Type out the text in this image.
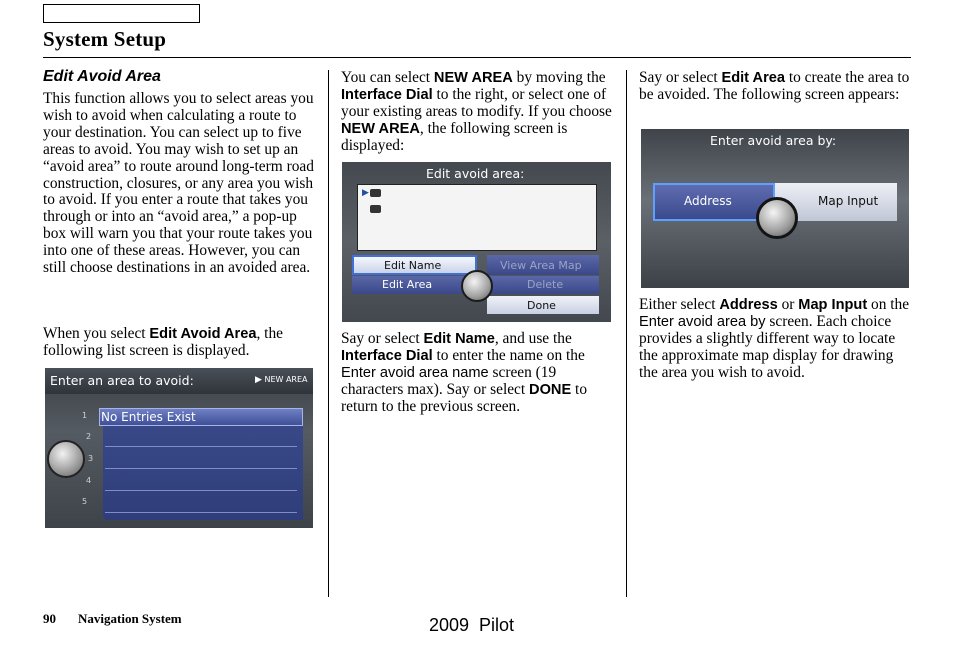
System Setup
Edit Avoid Area

This function allows you to select areas you wish to avoid when calculating a route to your destination. You can select up to five areas to avoid. You may wish to set up an “avoid area” to route around long-term road construction, closures, or any area you wish to avoid. If you enter a route that takes you through or into an “avoid area,” a pop-up box will warn you that your route takes you into one of these areas. However, you can still choose destinations in an avoided area.

When you select Edit Avoid Area, the following list screen is displayed.

Enter an area to avoid:	▶ NEW AREA
No Entries Exist
1
2
3
4
5

You can select NEW AREA by moving the Interface Dial to the right, or select one of your existing areas to modify. If you choose NEW AREA, the following screen is displayed:

Edit avoid area:
▶
Edit Name
Edit Area
View Area Map
Delete
Done

Say or select Edit Name, and use the Interface Dial to enter the name on the Enter avoid area name screen (19 characters max). Say or select DONE to return to the previous screen.

Say or select Edit Area to create the area to be avoided. The following screen appears:

Enter avoid area by:
Address	Map Input

Either select Address or Map Input on the Enter avoid area by screen. Each choice provides a slightly different way to locate the approximate map display for drawing the area you wish to avoid.

90 Navigation System	2009  Pilot
